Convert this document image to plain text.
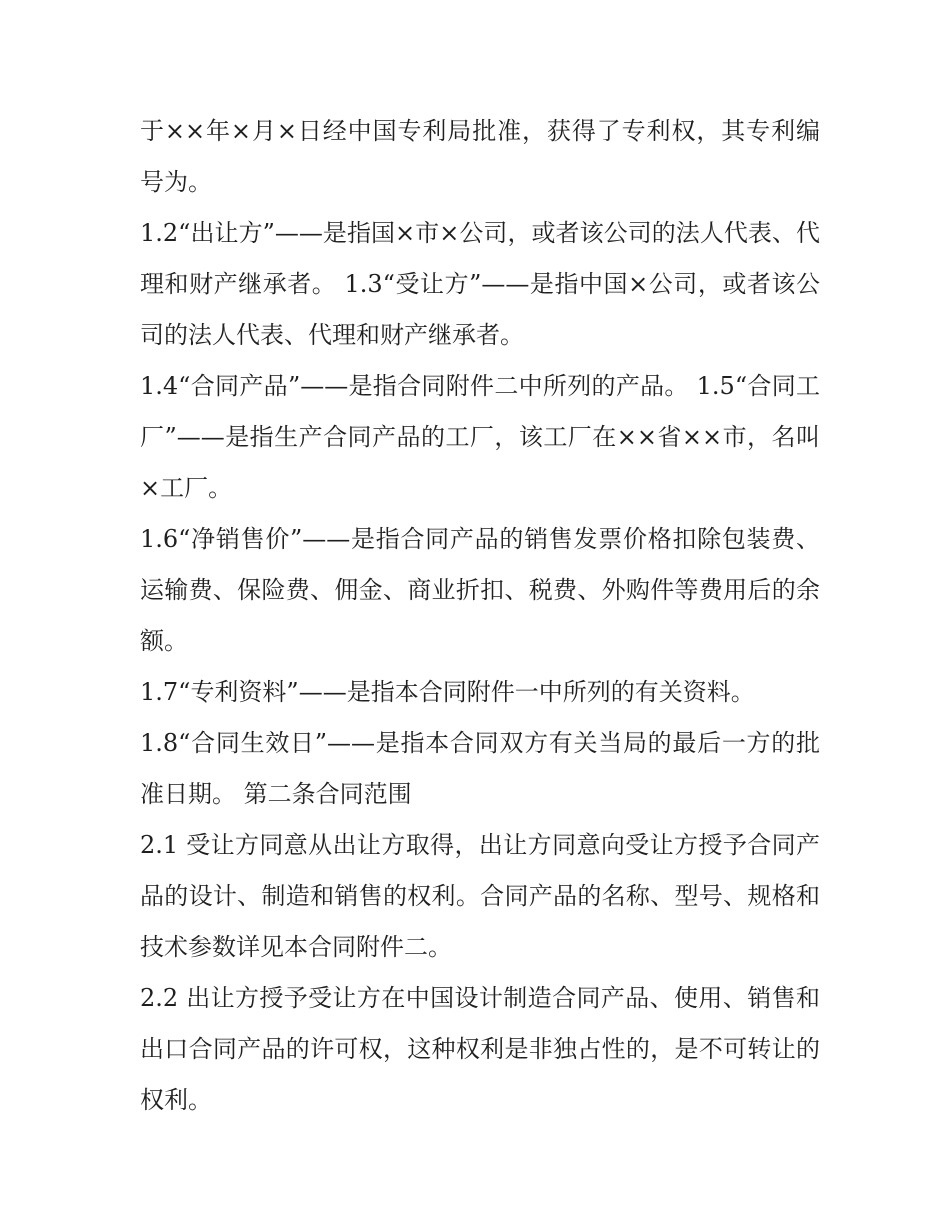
于××年×月×日经中国专利局批准，获得了专利权，其专利编号为。

1.2“出让方”——是指国×市×公司，或者该公司的法人代表、代理和财产继承者。 1.3“受让方”——是指中国×公司，或者该公司的法人代表、代理和财产继承者。

1.4“合同产品”——是指合同附件二中所列的产品。 1.5“合同工厂”——是指生产合同产品的工厂，该工厂在××省××市，名叫×工厂。

1.6“净销售价”——是指合同产品的销售发票价格扣除包装费、运输费、保险费、佣金、商业折扣、税费、外购件等费用后的余额。

1.7“专利资料”——是指本合同附件一中所列的有关资料。

1.8“合同生效日”——是指本合同双方有关当局的最后一方的批准日期。 第二条合同范围

2.1 受让方同意从出让方取得，出让方同意向受让方授予合同产品的设计、制造和销售的权利。合同产品的名称、型号、规格和技术参数详见本合同附件二。

2.2 出让方授予受让方在中国设计制造合同产品、使用、销售和出口合同产品的许可权，这种权利是非独占性的，是不可转让的权利。
